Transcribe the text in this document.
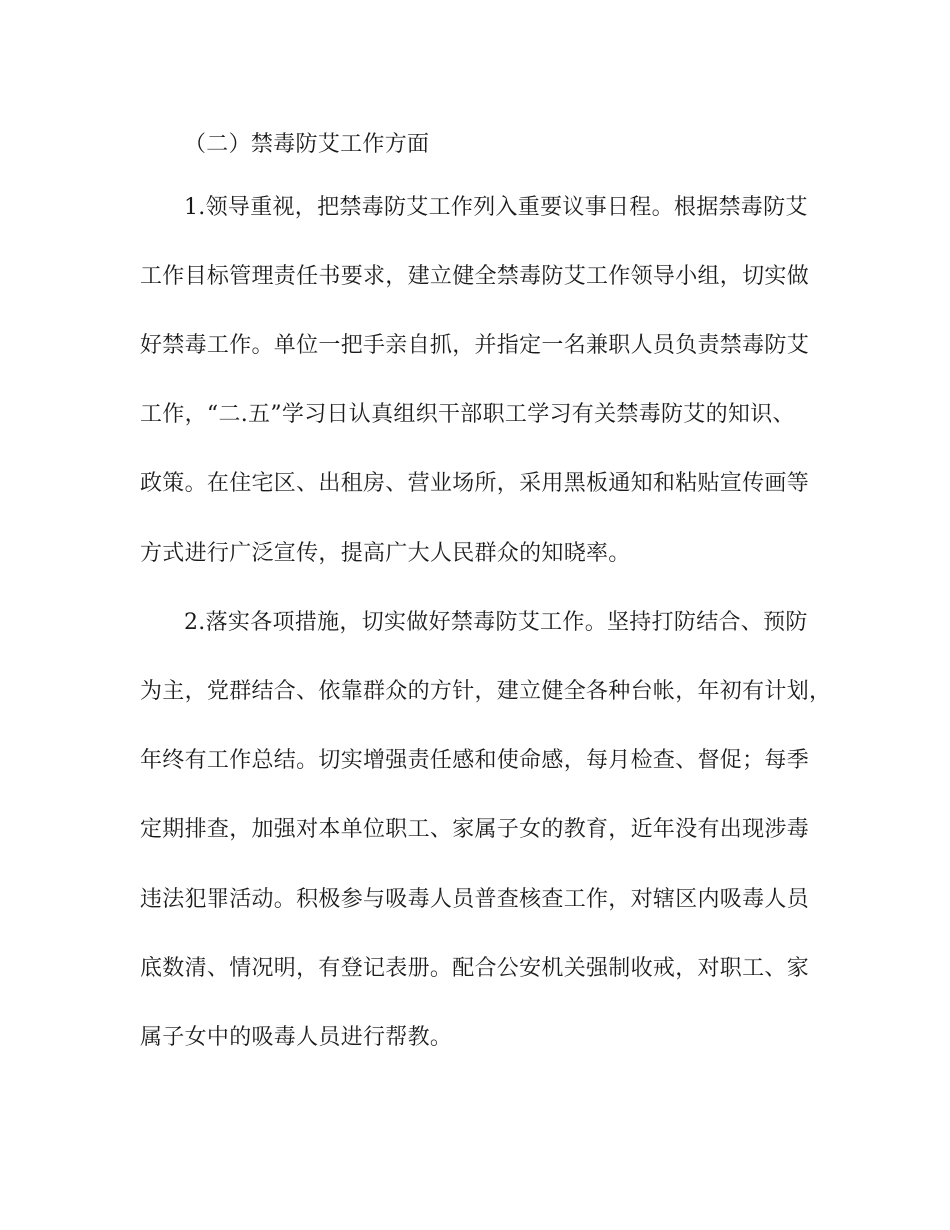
（二）禁毒防艾工作方面
1.领导重视，把禁毒防艾工作列入重要议事日程。根据禁毒防艾
工作目标管理责任书要求，建立健全禁毒防艾工作领导小组，切实做
好禁毒工作。单位一把手亲自抓，并指定一名兼职人员负责禁毒防艾
工作，“二.五”学习日认真组织干部职工学习有关禁毒防艾的知识、
政策。在住宅区、出租房、营业场所，采用黑板通知和粘贴宣传画等
方式进行广泛宣传，提高广大人民群众的知晓率。
2.落实各项措施，切实做好禁毒防艾工作。坚持打防结合、预防
为主，党群结合、依靠群众的方针，建立健全各种台帐，年初有计划，
年终有工作总结。切实增强责任感和使命感，每月检查、督促；每季
定期排查，加强对本单位职工、家属子女的教育，近年没有出现涉毒
违法犯罪活动。积极参与吸毒人员普查核查工作，对辖区内吸毒人员
底数清、情况明，有登记表册。配合公安机关强制收戒，对职工、家
属子女中的吸毒人员进行帮教。
